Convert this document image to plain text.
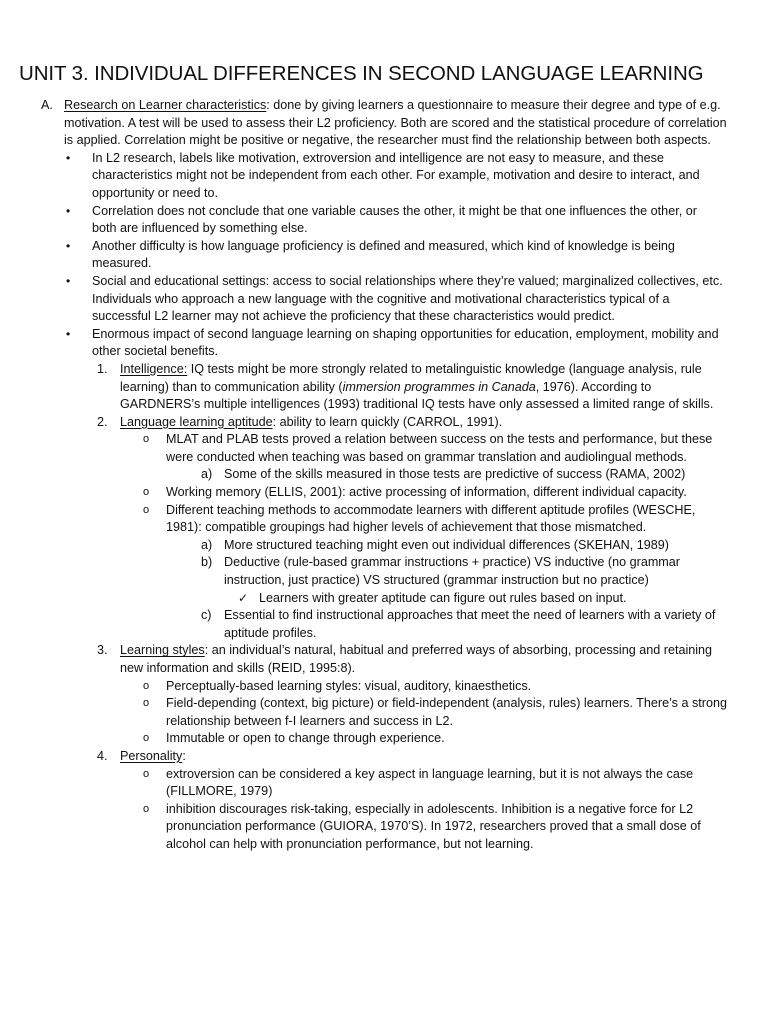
UNIT 3. INDIVIDUAL DIFFERENCES IN SECOND LANGUAGE LEARNING

A. Research on Learner characteristics: done by giving learners a questionnaire to measure their degree and type of e.g. motivation. A test will be used to assess their L2 proficiency. Both are scored and the statistical procedure of correlation is applied. Correlation might be positive or negative, the researcher must find the relationship between both aspects.

• In L2 research, labels like motivation, extroversion and intelligence are not easy to measure, and these characteristics might not be independent from each other. For example, motivation and desire to interact, and opportunity or need to.

• Correlation does not conclude that one variable causes the other, it might be that one influences the other, or both are influenced by something else.

• Another difficulty is how language proficiency is defined and measured, which kind of knowledge is being measured.

• Social and educational settings: access to social relationships where they’re valued; marginalized collectives, etc. Individuals who approach a new language with the cognitive and motivational characteristics typical of a successful L2 learner may not achieve the proficiency that these characteristics would predict.

• Enormous impact of second language learning on shaping opportunities for education, employment, mobility and other societal benefits.

1. Intelligence: IQ tests might be more strongly related to metalinguistic knowledge (language analysis, rule learning) than to communication ability (immersion programmes in Canada, 1976). According to GARDNERS’s multiple intelligences (1993) traditional IQ tests have only assessed a limited range of skills.

2. Language learning aptitude: ability to learn quickly (CARROL, 1991).

o MLAT and PLAB tests proved a relation between success on the tests and performance, but these were conducted when teaching was based on grammar translation and audiolingual methods.

a) Some of the skills measured in those tests are predictive of success (RAMA, 2002)

o Working memory (ELLIS, 2001): active processing of information, different individual capacity.

o Different teaching methods to accommodate learners with different aptitude profiles (WESCHE, 1981): compatible groupings had higher levels of achievement that those mismatched.

a) More structured teaching might even out individual differences (SKEHAN, 1989)

b) Deductive (rule-based grammar instructions + practice) VS inductive (no grammar instruction, just practice) VS structured (grammar instruction but no practice)

✓ Learners with greater aptitude can figure out rules based on input.

c) Essential to find instructional approaches that meet the need of learners with a variety of aptitude profiles.

3. Learning styles: an individual’s natural, habitual and preferred ways of absorbing, processing and retaining new information and skills (REID, 1995:8).

o Perceptually-based learning styles: visual, auditory, kinaesthetics.

o Field-depending (context, big picture) or field-independent (analysis, rules) learners. There’s a strong relationship between f-I learners and success in L2.

o Immutable or open to change through experience.

4. Personality:

o extroversion can be considered a key aspect in language learning, but it is not always the case (FILLMORE, 1979)

o inhibition discourages risk-taking, especially in adolescents. Inhibition is a negative force for L2 pronunciation performance (GUIORA, 1970’S). In 1972, researchers proved that a small dose of alcohol can help with pronunciation performance, but not learning.
